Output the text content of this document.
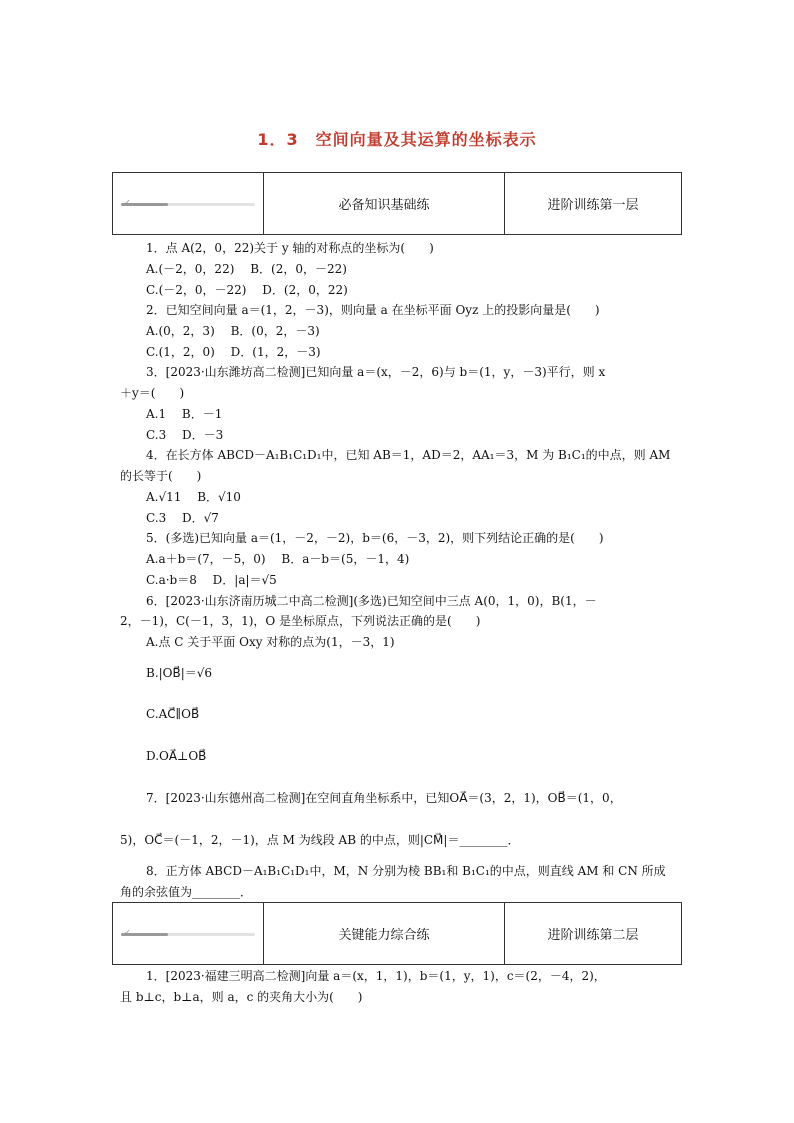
1．3　空间向量及其运算的坐标表示
✓	必备知识基础练	进阶训练第一层
1．点 A(2，0，22)关于 y 轴的对称点的坐标为(　　)
A.(－2，0，22)　 B．(2，0，－22)
C.(－2，0，－22)　 D．(2，0，22)
2．已知空间向量 a＝(1，2，－3)，则向量 a 在坐标平面 Oyz 上的投影向量是(　　)
A.(0，2，3)　 B．(0，2，－3)
C.(1，2，0)　 D．(1，2，－3)
3．[2023·山东潍坊高二检测]已知向量 a＝(x，－2，6)与 b＝(1，y，－3)平行，则 x
＋y＝(　　)
A.1　 B．－1
C.3　 D．－3
4．在长方体 ABCD－A₁B₁C₁D₁中，已知 AB＝1，AD＝2，AA₁＝3，M 为 B₁C₁的中点，则 AM
的长等于(　　)
A.√11　 B．√10
C.3　 D．√7
5．(多选)已知向量 a＝(1，－2，－2)，b＝(6，－3，2)，则下列结论正确的是(　　)
A.a＋b＝(7，－5，0)　 B．a－b＝(5，－1，4)
C.a·b＝8　 D．|a|＝√5
6．[2023·山东济南历城二中高二检测](多选)已知空间中三点 A(0，1，0)，B(1，－
2，－1)，C(－1，3，1)，O 是坐标原点，下列说法正确的是(　　)
A.点 C 关于平面 Oxy 对称的点为(1，－3，1)
B.|OB⃗|＝√6
C.AC⃗∥OB⃗
D.OA⃗⊥OB⃗
7．[2023·山东德州高二检测]在空间直角坐标系中，已知OA⃗＝(3，2，1)，OB⃗＝(1，0，
5)，OC⃗＝(－1，2，－1)，点 M 为线段 AB 的中点，则|CM⃗|＝________．
8．正方体 ABCD－A₁B₁C₁D₁中，M，N 分别为棱 BB₁和 B₁C₁的中点，则直线 AM 和 CN 所成
角的余弦值为________．
✓	关键能力综合练	进阶训练第二层
1．[2023·福建三明高二检测]向量 a＝(x，1，1)，b＝(1，y，1)，c＝(2，－4，2)，
且 b⊥c，b⊥a，则 a，c 的夹角大小为(　　)
